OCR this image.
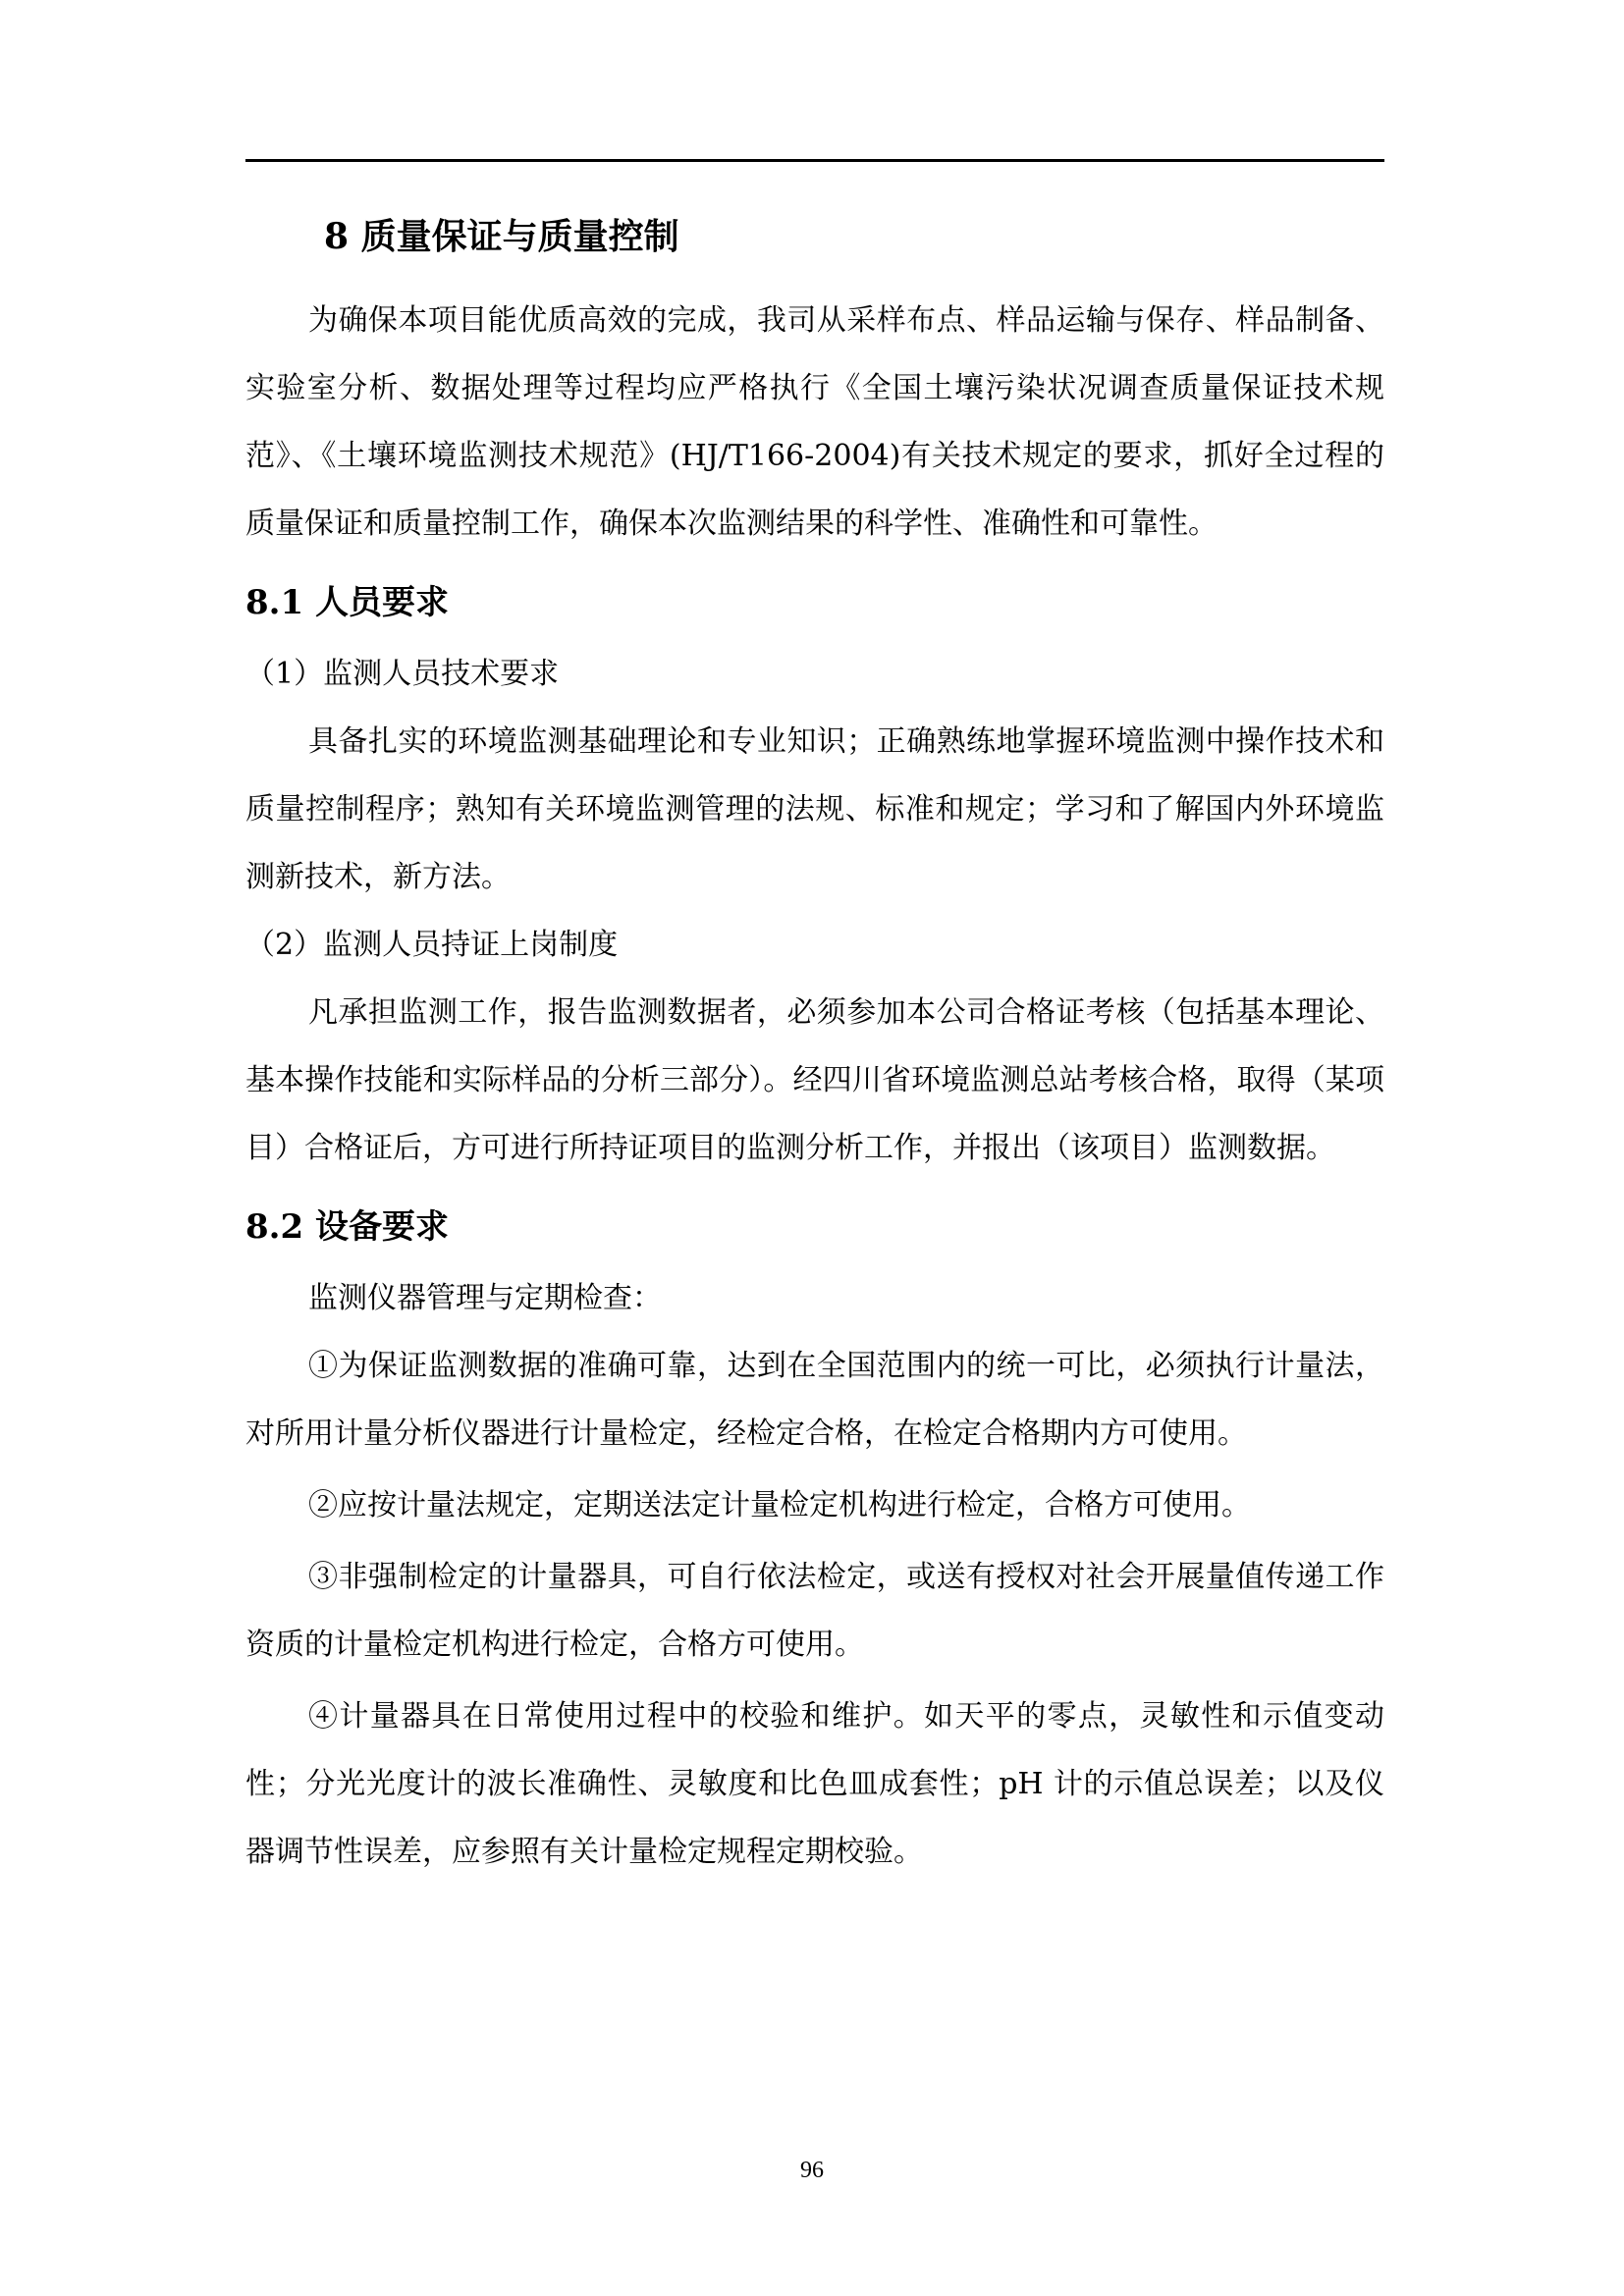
8 质量保证与质量控制

为确保本项目能优质高效的完成，我司从采样布点、样品运输与保存、样品制备、实验室分析、数据处理等过程均应严格执行《全国土壤污染状况调查质量保证技术规范》、《土壤环境监测技术规范》(HJ/T166-2004)有关技术规定的要求，抓好全过程的质量保证和质量控制工作，确保本次监测结果的科学性、准确性和可靠性。

8.1 人员要求

（1）监测人员技术要求

具备扎实的环境监测基础理论和专业知识；正确熟练地掌握环境监测中操作技术和质量控制程序；熟知有关环境监测管理的法规、标准和规定；学习和了解国内外环境监测新技术，新方法。

（2）监测人员持证上岗制度

凡承担监测工作，报告监测数据者，必须参加本公司合格证考核（包括基本理论、基本操作技能和实际样品的分析三部分）。经四川省环境监测总站考核合格，取得（某项目）合格证后，方可进行所持证项目的监测分析工作，并报出（该项目）监测数据。

8.2 设备要求

监测仪器管理与定期检查：

①为保证监测数据的准确可靠，达到在全国范围内的统一可比，必须执行计量法，对所用计量分析仪器进行计量检定，经检定合格，在检定合格期内方可使用。

②应按计量法规定，定期送法定计量检定机构进行检定，合格方可使用。

③非强制检定的计量器具，可自行依法检定，或送有授权对社会开展量值传递工作资质的计量检定机构进行检定，合格方可使用。

④计量器具在日常使用过程中的校验和维护。如天平的零点，灵敏性和示值变动性；分光光度计的波长准确性、灵敏度和比色皿成套性；pH 计的示值总误差；以及仪器调节性误差，应参照有关计量检定规程定期校验。

96
